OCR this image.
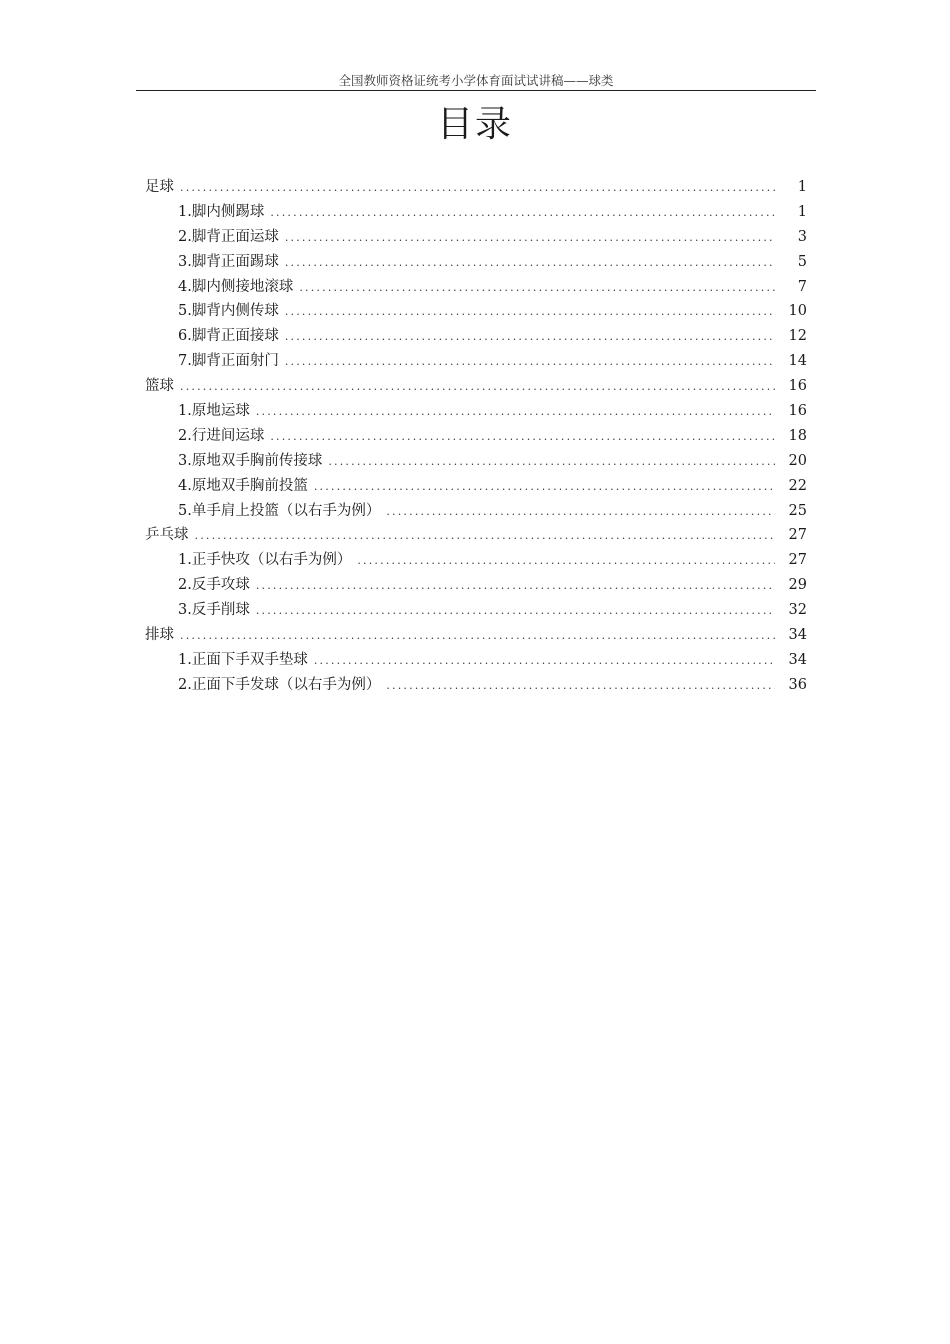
全国教师资格证统考小学体育面试试讲稿——球类
目录
足球 .....	1
1.脚内侧踢球 .....	1
2.脚背正面运球 .....	3
3.脚背正面踢球 .....	5
4.脚内侧接地滚球 .....	7
5.脚背内侧传球 .....	10
6.脚背正面接球 .....	12
7.脚背正面射门 .....	14
篮球 .....	16
1.原地运球 .....	16
2.行进间运球 .....	18
3.原地双手胸前传接球 .....	20
4.原地双手胸前投篮 .....	22
5.单手肩上投篮（以右手为例） .....	25
乒乓球 .....	27
1.正手快攻（以右手为例） .....	27
2.反手攻球 .....	29
3.反手削球 .....	32
排球 .....	34
1.正面下手双手垫球 .....	34
2.正面下手发球（以右手为例） .....	36
